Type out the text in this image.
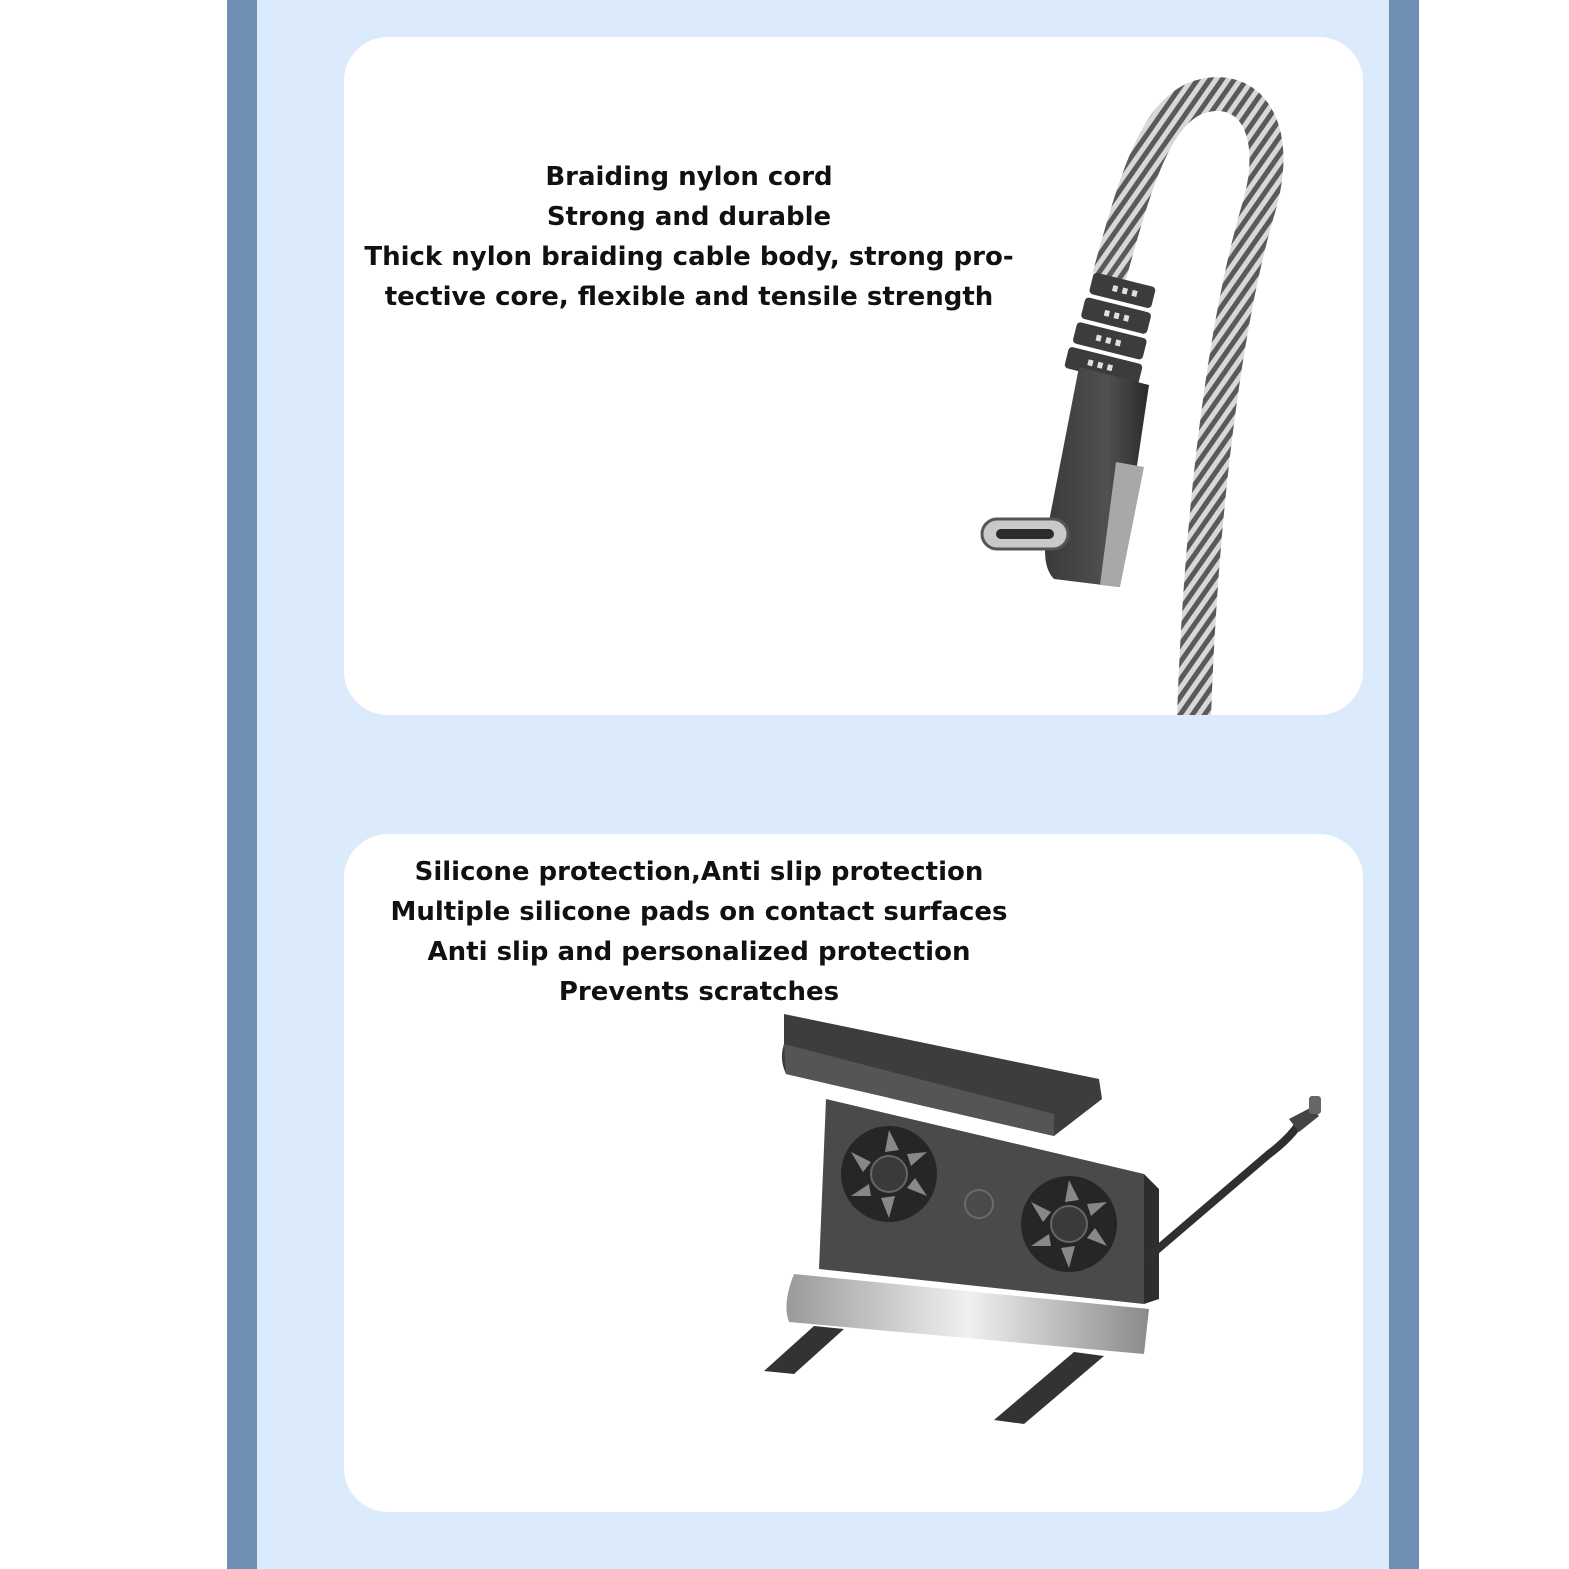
Braiding nylon cord
Strong and durable
Thick nylon braiding cable body, strong pro-
tective core, flexible and tensile strength
Silicone protection,Anti slip protection
Multiple silicone pads on contact surfaces
Anti slip and personalized protection
Prevents scratches
